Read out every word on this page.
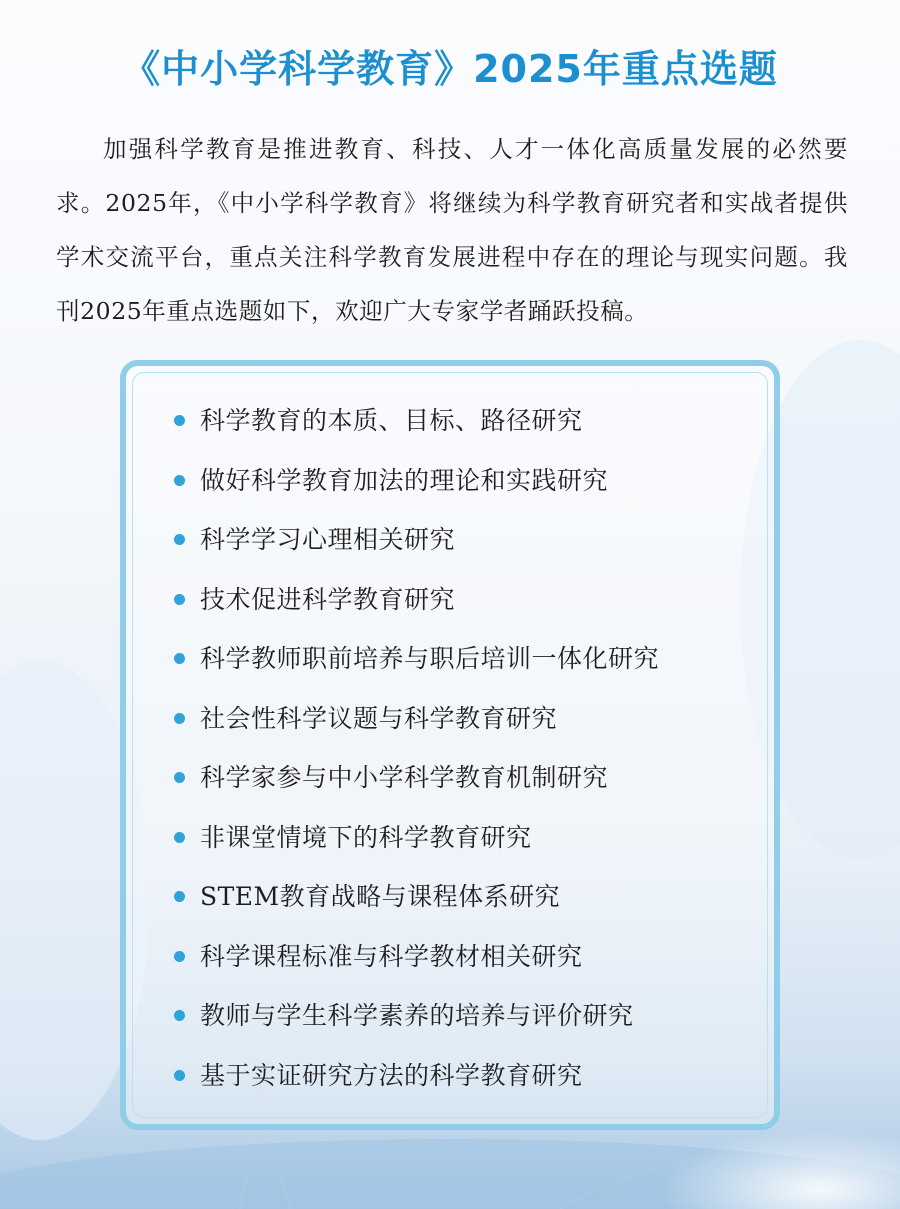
《中小学科学教育》2025年重点选题

加强科学教育是推进教育、科技、人才一体化高质量发展的必然要求。2025年，《中小学科学教育》将继续为科学教育研究者和实战者提供学术交流平台，重点关注科学教育发展进程中存在的理论与现实问题。我刊2025年重点选题如下，欢迎广大专家学者踊跃投稿。

科学教育的本质、目标、路径研究
做好科学教育加法的理论和实践研究
科学学习心理相关研究
技术促进科学教育研究
科学教师职前培养与职后培训一体化研究
社会性科学议题与科学教育研究
科学家参与中小学科学教育机制研究
非课堂情境下的科学教育研究
STEM教育战略与课程体系研究
科学课程标准与科学教材相关研究
教师与学生科学素养的培养与评价研究
基于实证研究方法的科学教育研究
